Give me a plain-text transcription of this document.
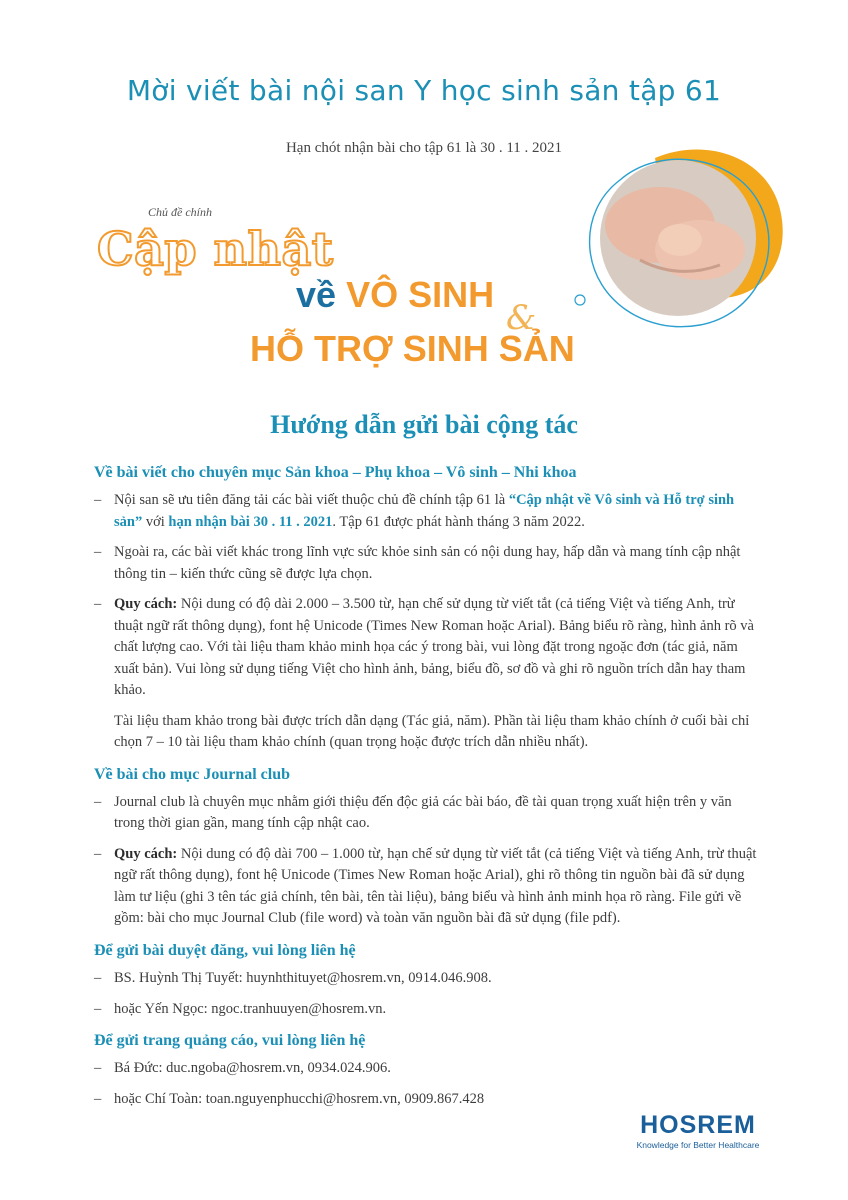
Mời viết bài nội san Y học sinh sản tập 61
Hạn chót nhận bài cho tập 61 là 30 . 11 . 2021
Chủ đề chính
Cập nhật
về VÔ SINH
&
HỖ TRỢ SINH SẢN
Hướng dẫn gửi bài cộng tác
Về bài viết cho chuyên mục Sản khoa – Phụ khoa – Vô sinh – Nhi khoa
– Nội san sẽ ưu tiên đăng tải các bài viết thuộc chủ đề chính tập 61 là “Cập nhật về Vô sinh và Hỗ trợ sinh sản” với hạn nhận bài 30 . 11 . 2021. Tập 61 được phát hành tháng 3 năm 2022.
– Ngoài ra, các bài viết khác trong lĩnh vực sức khỏe sinh sản có nội dung hay, hấp dẫn và mang tính cập nhật thông tin – kiến thức cũng sẽ được lựa chọn.
– Quy cách: Nội dung có độ dài 2.000 – 3.500 từ, hạn chế sử dụng từ viết tắt (cả tiếng Việt và tiếng Anh, trừ thuật ngữ rất thông dụng), font hệ Unicode (Times New Roman hoặc Arial). Bảng biểu rõ ràng, hình ảnh rõ và chất lượng cao. Với tài liệu tham khảo minh họa các ý trong bài, vui lòng đặt trong ngoặc đơn (tác giả, năm xuất bản). Vui lòng sử dụng tiếng Việt cho hình ảnh, bảng, biểu đồ, sơ đồ và ghi rõ nguồn trích dẫn hay tham khảo.
Tài liệu tham khảo trong bài được trích dẫn dạng (Tác giả, năm). Phần tài liệu tham khảo chính ở cuối bài chỉ chọn 7 – 10 tài liệu tham khảo chính (quan trọng hoặc được trích dẫn nhiều nhất).
Về bài cho mục Journal club
– Journal club là chuyên mục nhằm giới thiệu đến độc giả các bài báo, đề tài quan trọng xuất hiện trên y văn trong thời gian gần, mang tính cập nhật cao.
– Quy cách: Nội dung có độ dài 700 – 1.000 từ, hạn chế sử dụng từ viết tắt (cả tiếng Việt và tiếng Anh, trừ thuật ngữ rất thông dụng), font hệ Unicode (Times New Roman hoặc Arial), ghi rõ thông tin nguồn bài đã sử dụng làm tư liệu (ghi 3 tên tác giả chính, tên bài, tên tài liệu), bảng biểu và hình ảnh minh họa rõ ràng. File gửi về gồm: bài cho mục Journal Club (file word) và toàn văn nguồn bài đã sử dụng (file pdf).
Để gửi bài duyệt đăng, vui lòng liên hệ
– BS. Huỳnh Thị Tuyết: huynhthituyet@hosrem.vn, 0914.046.908.
– hoặc Yến Ngọc: ngoc.tranhuuyen@hosrem.vn.
Để gửi trang quảng cáo, vui lòng liên hệ
– Bá Đức: duc.ngoba@hosrem.vn, 0934.024.906.
– hoặc Chí Toàn: toan.nguyenphucchi@hosrem.vn, 0909.867.428
HOSREM
Knowledge for Better Healthcare
